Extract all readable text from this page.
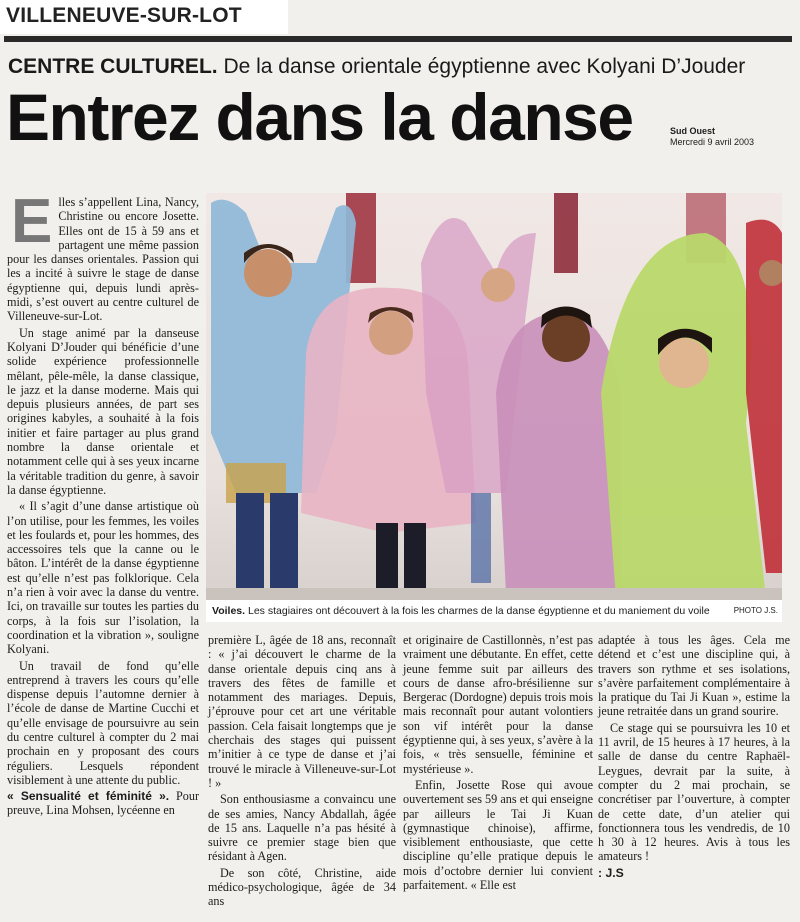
VILLENEUVE-SUR-LOT
CENTRE CULTUREL. De la danse orientale égyptienne avec Kolyani D’Jouder
Entrez dans la danse	Sud Ouest
Mercredi 9 avril 2003

Elles s’appellent Lina, Nancy, Christine ou encore Josette. Elles ont de 15 à 59 ans et partagent une même passion pour les danses orientales. Passion qui les a incité à suivre le stage de danse égyptienne qui, depuis lundi après-midi, s’est ouvert au centre culturel de Villeneuve-sur-Lot.

Un stage animé par la danseuse Kolyani D’Jouder qui bénéficie d’une solide expérience professionnelle mêlant, pêle-mêle, la danse classique, le jazz et la danse moderne. Mais qui depuis plusieurs années, de part ses origines kabyles, a souhaité à la fois initier et faire partager au plus grand nombre la danse orientale et notamment celle qui à ses yeux incarne la véritable tradition du genre, à savoir la danse égyptienne.

« Il s’agit d’une danse artistique où l’on utilise, pour les femmes, les voiles et les foulards et, pour les hommes, des accessoires tels que la canne ou le bâton. L’intérêt de la danse égyptienne est qu’elle n’est pas folklorique. Cela n’a rien à voir avec la danse du ventre. Ici, on travaille sur toutes les parties du corps, à la fois sur l’isolation, la coordination et la vibration », souligne Kolyani.

Un travail de fond qu’elle entreprend à travers les cours qu’elle dispense depuis l’automne dernier à l’école de danse de Martine Cucchi et qu’elle envisage de poursuivre au sein du centre culturel à compter du 2 mai prochain en y proposant des cours réguliers. Lesquels répondent visiblement à une attente du public.

« Sensualité et féminité ». Pour preuve, Lina Mohsen, lycéenne en

Voiles. Les stagiaires ont découvert à la fois les charmes de la danse égyptienne et du maniement du voile	PHOTO J.S.

première L, âgée de 18 ans, reconnaît : « j’ai découvert le charme de la danse orientale depuis cinq ans à travers des fêtes de famille et notamment des mariages. Depuis, j’éprouve pour cet art une véritable passion. Cela faisait longtemps que je cherchais des stages qui puissent m’initier à ce type de danse et j’ai trouvé le miracle à Villeneuve-sur-Lot ! »

Son enthousiasme a convaincu une de ses amies, Nancy Abdallah, âgée de 15 ans. Laquelle n’a pas hésité à suivre ce premier stage bien que résidant à Agen.

De son côté, Christine, aide médico-psychologique, âgée de 34 ans

et originaire de Castillonnès, n’est pas vraiment une débutante. En effet, cette jeune femme suit par ailleurs des cours de danse afro-brésilienne sur Bergerac (Dordogne) depuis trois mois mais reconnaît pour autant volontiers son vif intérêt pour la danse égyptienne qui, à ses yeux, s’avère à la fois, « très sensuelle, féminine et mystérieuse ».

Enfin, Josette Rose qui avoue ouvertement ses 59 ans et qui enseigne par ailleurs le Tai Ji Kuan (gymnastique chinoise), affirme, visiblement enthousiaste, que cette discipline qu’elle pratique depuis le mois d’octobre dernier lui convient parfaitement. « Elle est

adaptée à tous les âges. Cela me détend et c’est une discipline qui, à travers son rythme et ses isolations, s’avère parfaitement complémentaire à la pratique du Tai Ji Kuan », estime la jeune retraitée dans un grand sourire.

Ce stage qui se poursuivra les 10 et 11 avril, de 15 heures à 17 heures, à la salle de danse du centre Raphaël-Leygues, devrait par la suite, à compter du 2 mai prochain, se concrétiser par l’ouverture, à compter de cette date, d’un atelier qui fonctionnera tous les vendredis, de 10 h 30 à 12 heures. Avis à tous les amateurs !

: J.S
